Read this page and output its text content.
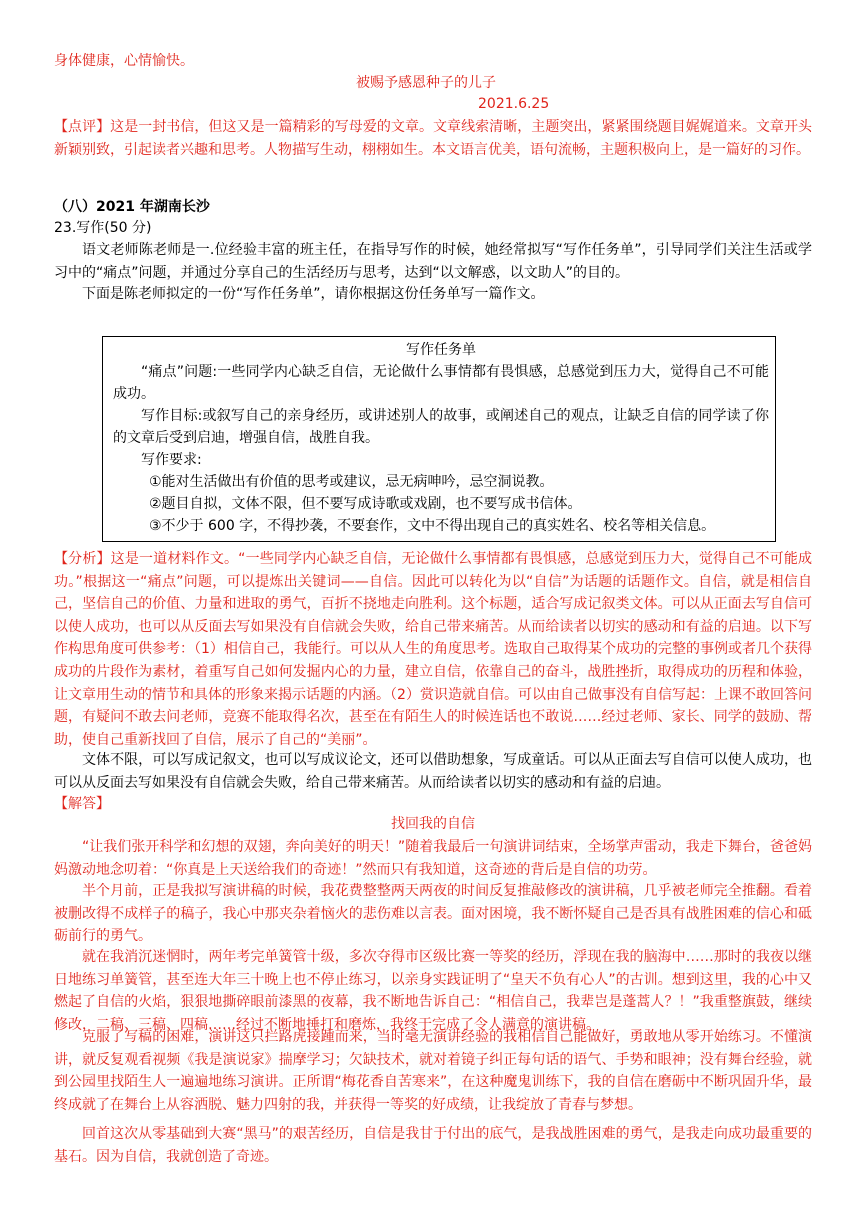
身体健康，心情愉快。

被赐予感恩种子的儿子

2021.6.25

【点评】这是一封书信，但这又是一篇精彩的写母爱的文章。文章线索清晰，主题突出，紧紧围绕题目娓娓道来。文章开头新颖别致，引起读者兴趣和思考。人物描写生动，栩栩如生。本文语言优美，语句流畅，主题积极向上，是一篇好的习作。

（八）2021 年湖南长沙

23.写作(50 分)

语文老师陈老师是一.位经验丰富的班主任，在指导写作的时候，她经常拟写“写作任务单”，引导同学们关注生活或学习中的“痛点”问题，并通过分享自己的生活经历与思考，达到“以文解惑，以文助人”的目的。

下面是陈老师拟定的一份“写作任务单”，请你根据这份任务单写一篇作文。

写作任务单

“痛点”问题:一些同学内心缺乏自信，无论做什么事情都有畏惧感，总感觉到压力大，觉得自己不可能成功。

写作目标:或叙写自己的亲身经历，或讲述别人的故事，或阐述自己的观点，让缺乏自信的同学读了你的文章后受到启迪，增强自信，战胜自我。

写作要求:

①能对生活做出有价值的思考或建议，忌无病呻吟，忌空洞说教。

②题目自拟，文体不限，但不要写成诗歌或戏剧，也不要写成书信体。

③不少于 600 字，不得抄袭，不要套作，文中不得出现自己的真实姓名、校名等相关信息。

【分析】这是一道材料作文。“一些同学内心缺乏自信，无论做什么事情都有畏惧感，总感觉到压力大，觉得自己不可能成功。”根据这一“痛点”问题，可以提炼出关键词——自信。因此可以转化为以“自信”为话题的话题作文。自信，就是相信自己，坚信自己的价值、力量和进取的勇气，百折不挠地走向胜利。这个标题，适合写成记叙类文体。可以从正面去写自信可以使人成功，也可以从反面去写如果没有自信就会失败，给自己带来痛苦。从而给读者以切实的感动和有益的启迪。以下写作构思角度可供参考：（1）相信自己，我能行。可以从人生的角度思考。选取自己取得某个成功的完整的事例或者几个获得成功的片段作为素材，着重写自己如何发掘内心的力量，建立自信，依靠自己的奋斗，战胜挫折，取得成功的历程和体验，让文章用生动的情节和具体的形象来揭示话题的内涵。（2）赏识造就自信。可以由自己做事没有自信写起：上课不敢回答问题，有疑问不敢去问老师，竞赛不能取得名次，甚至在有陌生人的时候连话也不敢说……经过老师、家长、同学的鼓励、帮助，使自己重新找回了自信，展示了自己的“美丽”。

文体不限，可以写成记叙文，也可以写成议论文，还可以借助想象，写成童话。可以从正面去写自信可以使人成功，也可以从反面去写如果没有自信就会失败，给自己带来痛苦。从而给读者以切实的感动和有益的启迪。

【解答】

找回我的自信

“让我们张开科学和幻想的双翅，奔向美好的明天！”随着我最后一句演讲词结束，全场掌声雷动，我走下舞台，爸爸妈妈激动地念叨着：“你真是上天送给我们的奇迹！”然而只有我知道，这奇迹的背后是自信的功劳。

半个月前，正是我拟写演讲稿的时候，我花费整整两天两夜的时间反复推敲修改的演讲稿，几乎被老师完全推翻。看着被删改得不成样子的稿子，我心中那夹杂着恼火的悲伤难以言表。面对困境，我不断怀疑自己是否具有战胜困难的信心和砥砺前行的勇气。

就在我消沉迷惘时，两年考完单簧管十级，多次夺得市区级比赛一等奖的经历，浮现在我的脑海中……那时的我夜以继日地练习单簧管，甚至连大年三十晚上也不停止练习，以亲身实践证明了“皇天不负有心人”的古训。想到这里，我的心中又燃起了自信的火焰，狠狠地撕碎眼前漆黑的夜幕，我不断地告诉自己：“相信自己，我辈岂是蓬蒿人？！”我重整旗鼓，继续修改，二稿、三稿、四稿……经过不断地捶打和磨炼，我终于完成了令人满意的演讲稿。

克服了写稿的困难，演讲这只拦路虎接踵而来，当时毫无演讲经验的我相信自己能做好，勇敢地从零开始练习。不懂演讲，就反复观看视频《我是演说家》揣摩学习；欠缺技术，就对着镜子纠正每句话的语气、手势和眼神；没有舞台经验，就到公园里找陌生人一遍遍地练习演讲。正所谓“梅花香自苦寒来”，在这种魔鬼训练下，我的自信在磨砺中不断巩固升华，最终成就了在舞台上从容洒脱、魅力四射的我，并获得一等奖的好成绩，让我绽放了青春与梦想。

回首这次从零基础到大赛“黑马”的艰苦经历，自信是我甘于付出的底气，是我战胜困难的勇气，是我走向成功最重要的基石。因为自信，我就创造了奇迹。
